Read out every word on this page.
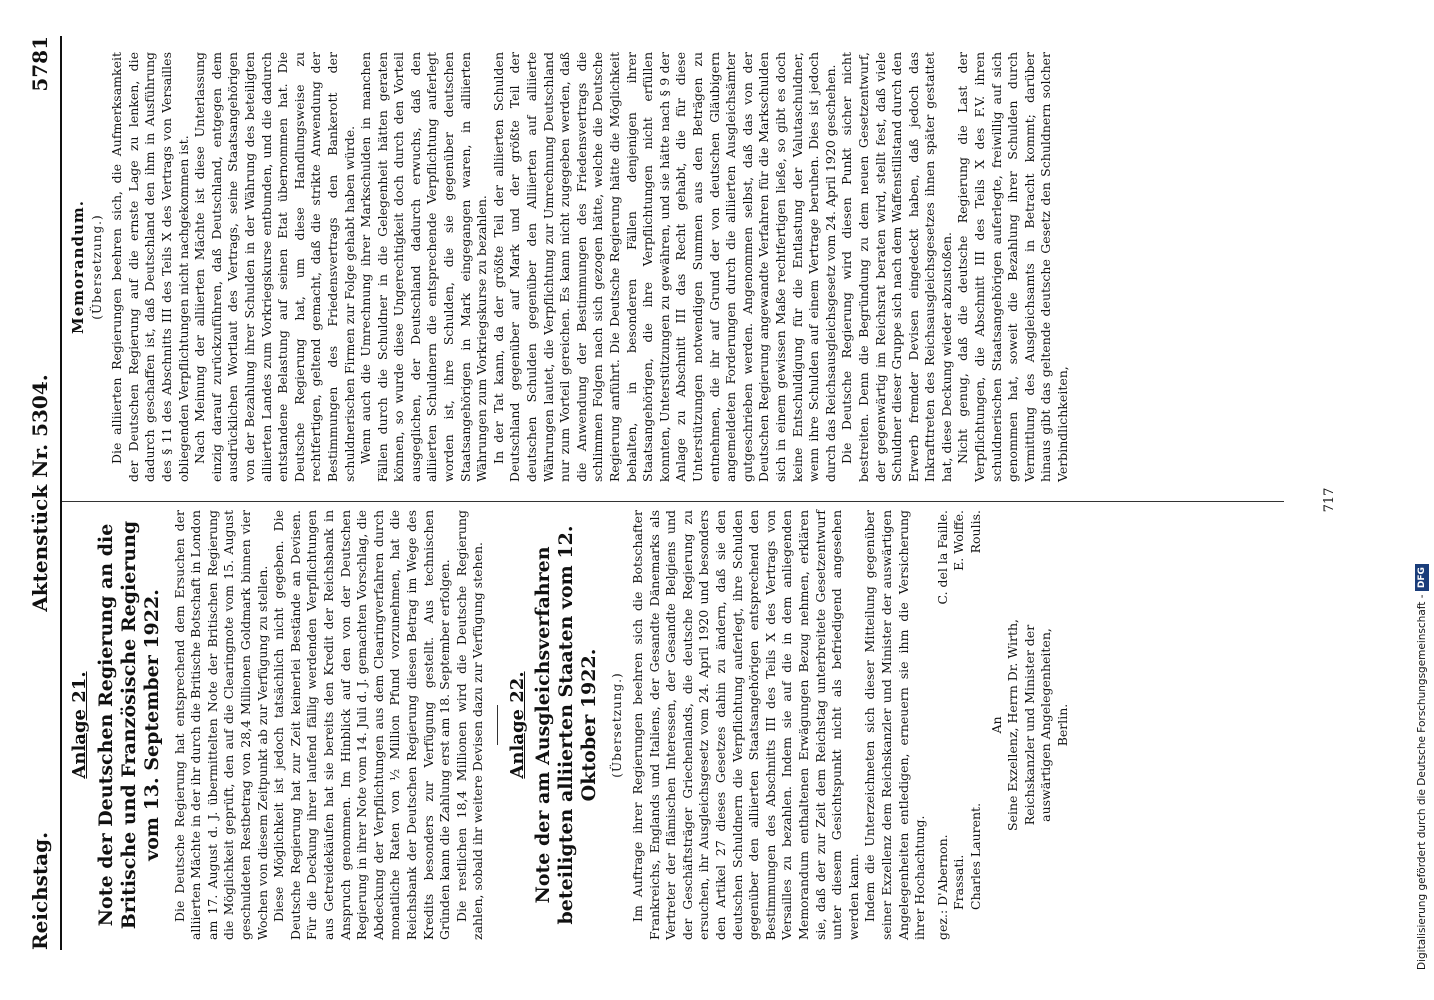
Reichstag.
Aktenstück Nr. 5304.
5781
Anlage 21. Note der Deutschen Regierung an die Britische und Französische Regierung vom 13. September 1922. Die Deutsche Regierung hat entsprechend dem Ersuchen der alliierten Mächte in der ihr durch die Britische Botschaft in London am 17. August d. J. übermittelten Note der Britischen Regierung die Möglichkeit geprüft, den auf die Clearingnote vom 15. August geschuldeten Restbetrag von 28,4 Millionen Goldmark binnen vier Wochen von diesem Zeitpunkt ab zur Verfügung zu stellen. Diese Möglichkeit ist jedoch tatsächlich nicht gegeben. Die Deutsche Regierung hat zur Zeit keinerlei Bestände an Devisen. Für die Deckung ihrer laufend fällig werdenden Verpflichtungen aus Getreidekäufen hat sie bereits den Kredit der Reichsbank in Anspruch genommen. Im Hinblick auf den von der Deutschen Regierung in ihrer Note vom 14. Juli d. J. gemachten Vorschlag, die Abdeckung der Verpflichtungen aus dem Clearingverfahren durch monatliche Raten von ½ Million Pfund vorzunehmen, hat die Reichsbank der Deutschen Regierung diesen Betrag im Wege des Kredits besonders zur Verfügung gestellt. Aus technischen Gründen kann die Zahlung erst am 18. September erfolgen. Die restlichen 18,4 Millionen wird die Deutsche Regierung zahlen, sobald ihr weitere Devisen dazu zur Verfügung stehen. Anlage 22. Note der am Ausgleichsverfahren beteiligten alliierten Staaten vom 12. Oktober 1922. (Übersetzung.) Im Auftrage ihrer Regierungen beehren sich die Botschafter Frankreichs, Englands und Italiens, der Gesandte Dänemarks als Vertreter der flämischen Interessen, der Gesandte Belgiens und der Geschäftsträger Griechenlands, die deutsche Regierung zu ersuchen, ihr Ausgleichsgesetz vom 24. April 1920 und besonders den Artikel 27 dieses Gesetzes dahin zu ändern, daß sie den deutschen Schuldnern die Verpflichtung auferlegt, ihre Schulden gegenüber den alliierten Staatsangehörigen entsprechend den Bestimmungen des Abschnitts III des Teils X des Vertrags von Versailles zu bezahlen. Indem sie auf die in dem anliegenden Memorandum enthaltenen Erwägungen Bezug nehmen, erklären sie, daß der zur Zeit dem Reichstag unterbreitete Gesetzentwurf unter diesem Gesichtspunkt nicht als befriedigend angesehen werden kann. Indem die Unterzeichneten sich dieser Mitteilung gegenüber seiner Exzellenz dem Reichskanzler und Minister der auswärtigen Angelegenheiten entledigen, erneuern sie ihm die Versicherung ihrer Hochachtung. gez.: D'Abernon.
C. del la Faille.
Frassati.
E. Wolffe.
Charles Laurent.
Roulis.
An Seine Exzellenz, Herrn Dr. Wirth, Reichskanzler und Minister der auswärtigen Angelegenheiten, Berlin.
Memorandum. (Übersetzung.) Die alliierten Regierungen beehren sich, die Aufmerksamkeit der Deutschen Regierung auf die ernste Lage zu lenken, die dadurch geschaffen ist, daß Deutschland den ihm in Ausführung des § 11 des Abschnitts III des Teils X des Vertrags von Versailles obliegenden Verpflichtungen nicht nachgekommen ist. Nach Meinung der alliierten Mächte ist diese Unterlassung einzig darauf zurückzuführen, daß Deutschland, entgegen dem ausdrücklichen Wortlaut des Vertrags, seine Staatsangehörigen von der Bezahlung ihrer Schulden in der Währung des beteiligten alliierten Landes zum Vorkriegskurse entbunden, und die dadurch entstandene Belastung auf seinen Etat übernommen hat. Die Deutsche Regierung hat, um diese Handlungsweise zu rechtfertigen, geltend gemacht, daß die strikte Anwendung der Bestimmungen des Friedensvertrags den Bankerott der schuldnerischen Firmen zur Folge gehabt haben würde. Wenn auch die Umrechnung ihrer Markschulden in manchen Fällen durch die Schuldner in die Gelegenheit hätten geraten können, so wurde diese Ungerechtigkeit doch durch den Vorteil ausgeglichen, der Deutschland dadurch erwuchs, daß den alliierten Schuldnern die entsprechende Verpflichtung auferlegt worden ist, ihre Schulden, die sie gegenüber deutschen Staatsangehörigen in Mark eingegangen waren, in alliierten Währungen zum Vorkriegskurse zu bezahlen. In der Tat kann, da der größte Teil der alliierten Schulden Deutschland gegenüber auf Mark und der größte Teil der deutschen Schulden gegenüber den Alliierten auf alliierte Währungen lautet, die Verpflichtung zur Umrechnung Deutschland nur zum Vorteil gereichen. Es kann nicht zugegeben werden, daß die Anwendung der Bestimmungen des Friedensvertrags die schlimmen Folgen nach sich gezogen hätte, welche die Deutsche Regierung anführt. Die Deutsche Regierung hätte die Möglichkeit behalten, in besonderen Fällen denjenigen ihrer Staatsangehörigen, die ihre Verpflichtungen nicht erfüllen konnten, Unterstützungen zu gewähren, und sie hätte nach § 9 der Anlage zu Abschnitt III das Recht gehabt, die für diese Unterstützungen notwendigen Summen aus den Beträgen zu entnehmen, die ihr auf Grund der von deutschen Gläubigern angemeldeten Forderungen durch die alliierten Ausgleichsämter gutgeschrieben werden. Angenommen selbst, daß das von der Deutschen Regierung angewandte Verfahren für die Markschulden sich in einem gewissen Maße rechtfertigen ließe, so gibt es doch keine Entschuldigung für die Entlastung der Valutaschuldner, wenn ihre Schulden auf einem Vertrage beruhen. Dies ist jedoch durch das Reichsausgleichsgesetz vom 24. April 1920 geschehen. Die Deutsche Regierung wird diesen Punkt sicher nicht bestreiten. Denn die Begründung zu dem neuen Gesetzentwurf, der gegenwärtig im Reichsrat beraten wird, stellt fest, daß viele Schuldner dieser Gruppe sich nach dem Waffenstillstand durch den Erwerb fremder Devisen eingedeckt haben, daß jedoch das Inkrafttreten des Reichsausgleichsgesetzes ihnen später gestattet hat, diese Deckung wieder abzustoßen. Nicht genug, daß die deutsche Regierung die Last der Verpflichtungen, die Abschnitt III des Teils X des F.V. ihren schuldnerischen Staatsangehörigen auferlegte, freiwillig auf sich genommen hat, soweit die Bezahlung ihrer Schulden durch Vermittlung des Ausgleichsamts in Betracht kommt; darüber hinaus gibt das geltende deutsche Gesetz den Schuldnern solcher Verbindlichkeiten,

717
Digitalisierung gefördert durch die Deutsche Forschungsgemeinschaft - DFG
